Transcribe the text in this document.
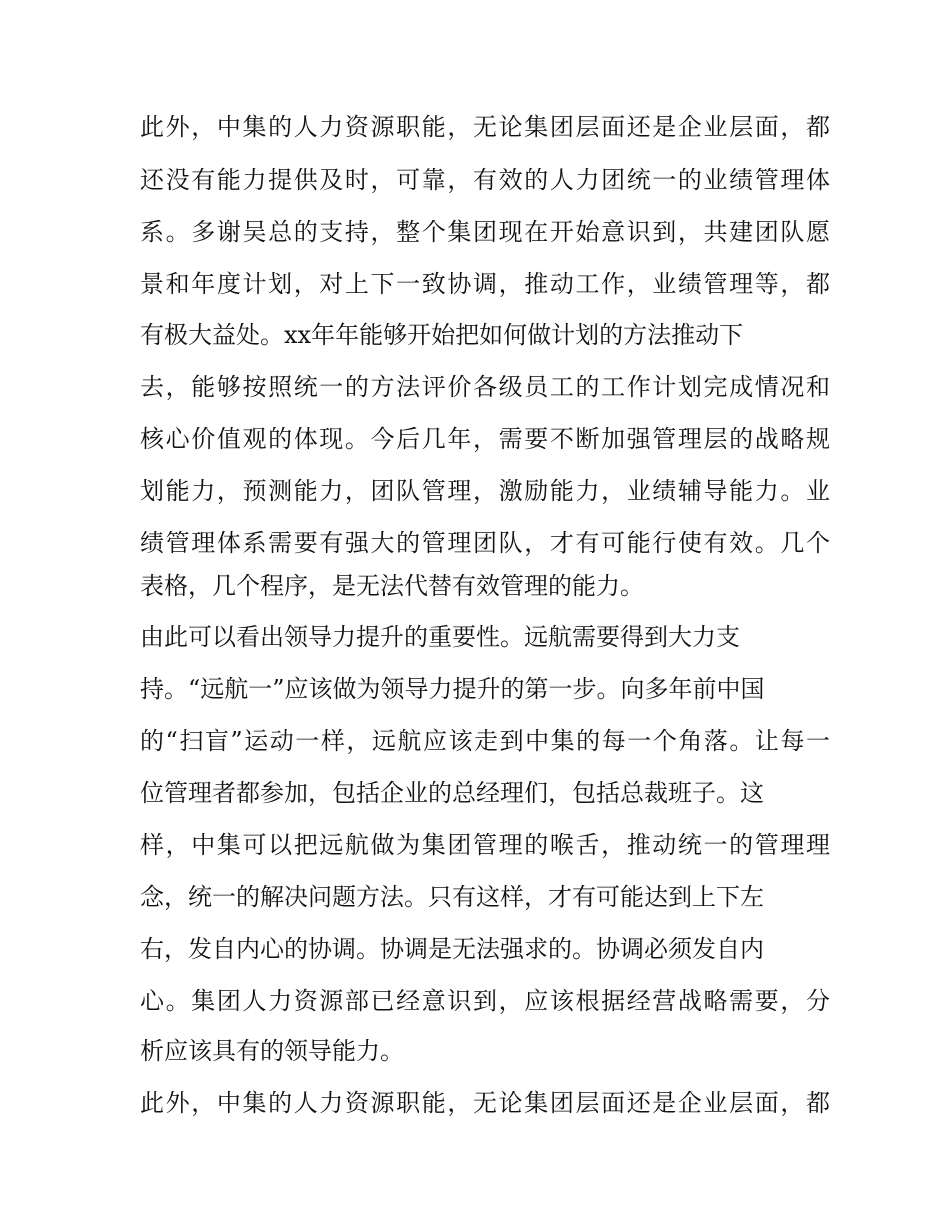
此外，中集的人力资源职能，无论集团层面还是企业层面，都
还没有能力提供及时，可靠，有效的人力团统一的业绩管理体
系。多谢吴总的支持，整个集团现在开始意识到，共建团队愿
景和年度计划，对上下一致协调，推动工作，业绩管理等，都
有极大益处。xx年年能够开始把如何做计划的方法推动下
去，能够按照统一的方法评价各级员工的工作计划完成情况和
核心价值观的体现。今后几年，需要不断加强管理层的战略规
划能力，预测能力，团队管理，激励能力，业绩辅导能力。业
绩管理体系需要有强大的管理团队，才有可能行使有效。几个
表格，几个程序，是无法代替有效管理的能力。
由此可以看出领导力提升的重要性。远航需要得到大力支
持。“远航一”应该做为领导力提升的第一步。向多年前中国
的“扫盲”运动一样，远航应该走到中集的每一个角落。让每一
位管理者都参加，包括企业的总经理们，包括总裁班子。这
样，中集可以把远航做为集团管理的喉舌，推动统一的管理理
念，统一的解决问题方法。只有这样，才有可能达到上下左
右，发自内心的协调。协调是无法强求的。协调必须发自内
心。集团人力资源部已经意识到，应该根据经营战略需要，分
析应该具有的领导能力。
此外，中集的人力资源职能，无论集团层面还是企业层面，都
